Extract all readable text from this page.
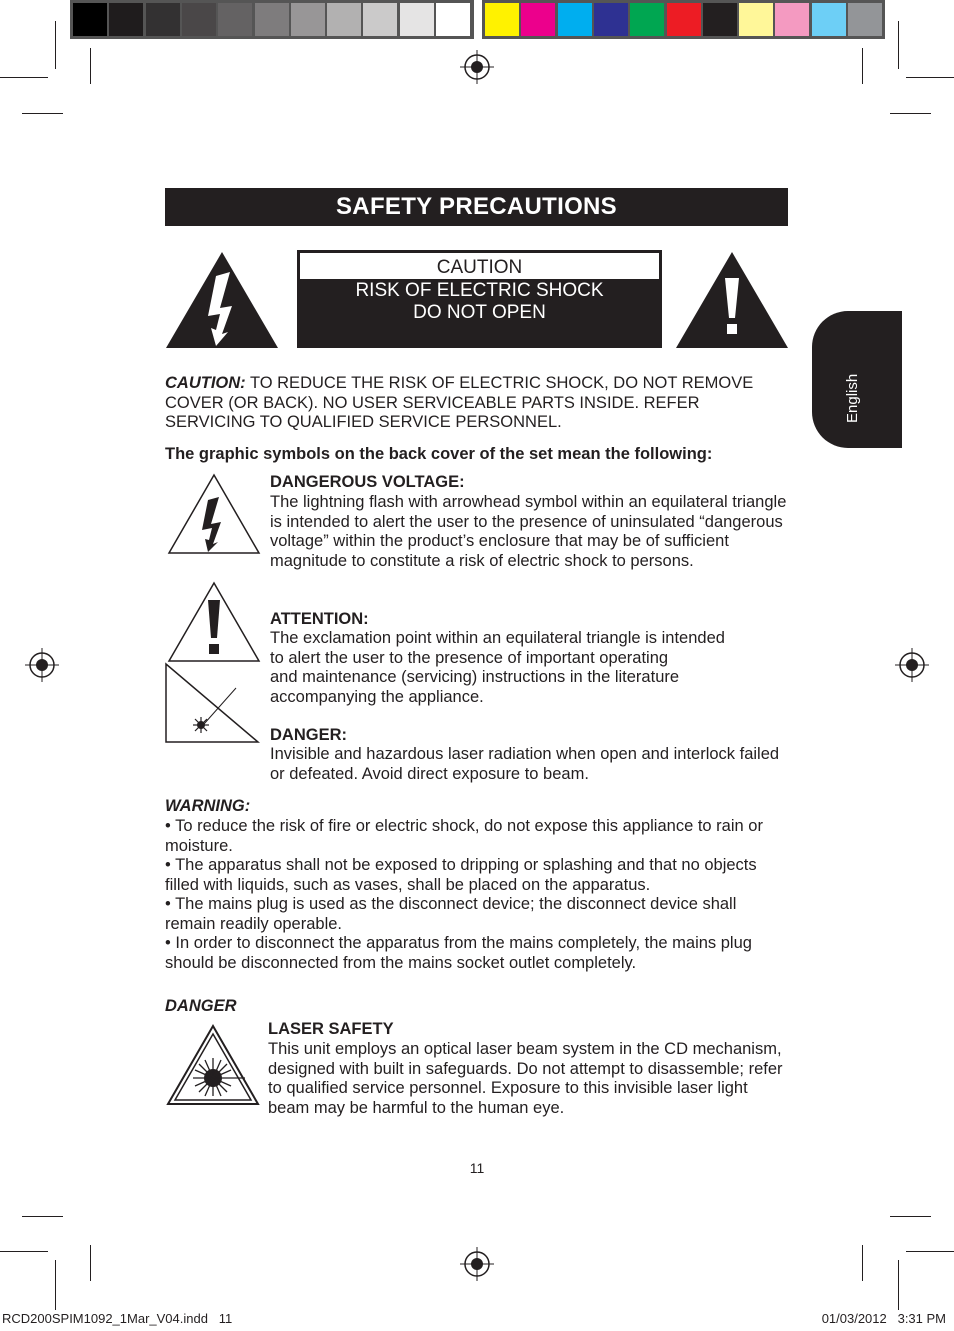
English
SAFETY PRECAUTIONS
CAUTION
RISK OF ELECTRIC SHOCK
DO NOT OPEN
CAUTION: TO REDUCE THE RISK OF ELECTRIC SHOCK, DO NOT REMOVE COVER (OR BACK). NO USER SERVICEABLE PARTS INSIDE. REFER SERVICING TO QUALIFIED SERVICE PERSONNEL.
The graphic symbols on the back cover of the set mean the following:
DANGEROUS VOLTAGE:
The lightning flash with arrowhead symbol within an equilateral triangle is intended to alert the user to the presence of uninsulated “dangerous voltage” within the product’s enclosure that may be of sufficient magnitude to constitute a risk of electric shock to persons.
ATTENTION:
The exclamation point within an equilateral triangle is intended
to alert the user to the presence of important operating
and maintenance (servicing) instructions in the literature
accompanying the appliance.
DANGER:
Invisible and hazardous laser radiation when open and interlock failed or defeated. Avoid direct exposure to beam.
WARNING:
• To reduce the risk of fire or electric shock, do not expose this appliance to rain or moisture.
• The apparatus shall not be exposed to dripping or splashing and that no objects filled with liquids, such as vases, shall be placed on the apparatus.
• The mains plug is used as the disconnect device; the disconnect device shall remain readily operable.
• In order to disconnect the apparatus from the mains completely, the mains plug should be disconnected from the mains socket outlet completely.
DANGER
LASER SAFETY
This unit employs an optical laser beam system in the CD mechanism, designed with built in safeguards. Do not attempt to disassemble; refer to qualified service personnel. Exposure to this invisible laser light beam may be harmful to the human eye.
11
RCD200SPIM1092_1Mar_V04.indd   11	01/03/2012   3:31 PM
